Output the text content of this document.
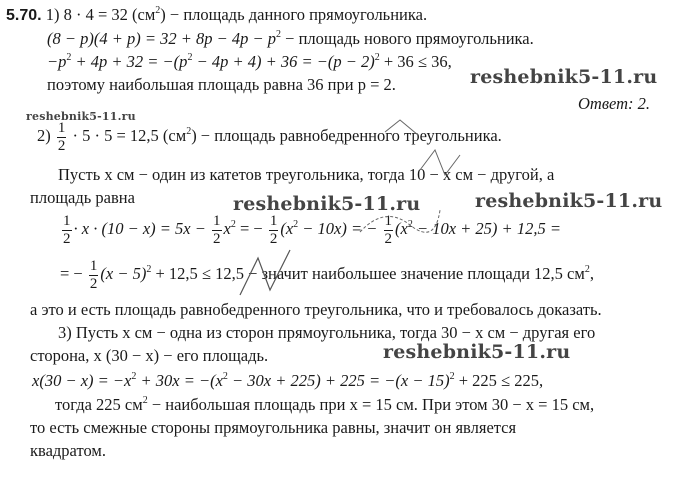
5.70. 1) 8 · 4 = 32 $(см^2)$ − площадь данного прямоугольника.
$(8 - p)(4 + p) = 32 + 8p - 4p - p^2$ − площадь нового прямоугольника.
$-p^2 + 4p + 32 = -(p^2 - 4p + 4) + 36 = -(p - 2)^2 + 36 \le 36$,
поэтому наибольшая площадь равна 36 при p = 2.
Ответ: 2.
$2) \frac{1}{2} \cdot 5 \cdot 5 = 12,5$ $(см^2)$ − площадь равнобедренного треугольника.
Пусть x см − один из катетов треугольника, тогда 10 − x см − другой, а
площадь равна
$\frac{1}{2} \cdot x \cdot (10 - x) = 5x - \frac{1}{2} x^2$ = − $\frac{1}{2} (x^2 - 10x)$ = − $\frac{1}{2} (x^2 - 10x + 25) + 12,5$ =
= − $\frac{1}{2} (x - 5)^2 + 12,5 \le 12,5$ − значит наибольшее значение площади 12,5 $см^2$,
а это и есть площадь равнобедренного треугольника, что и требовалось доказать.
3) Пусть x см − одна из сторон прямоугольника, тогда 30 − x см − другая его
сторона, x (30 − x) − его площадь.
$x(30 - x) = -x^2 + 30x = -(x^2 - 30x + 225) + 225 = -(x - 15)^2 + 225 \le 225$,
тогда 225 $см^2$ − наибольшая площадь при x = 15 см. При этом 30 − x = 15 см,
то есть смежные стороны прямоугольника равны, значит он является
квадратом.
reshebnik5-11.ru
reshebnik5-11.ru
reshebnik5-11.ru	reshebnik5-11.ru
reshebnik5-11.ru
